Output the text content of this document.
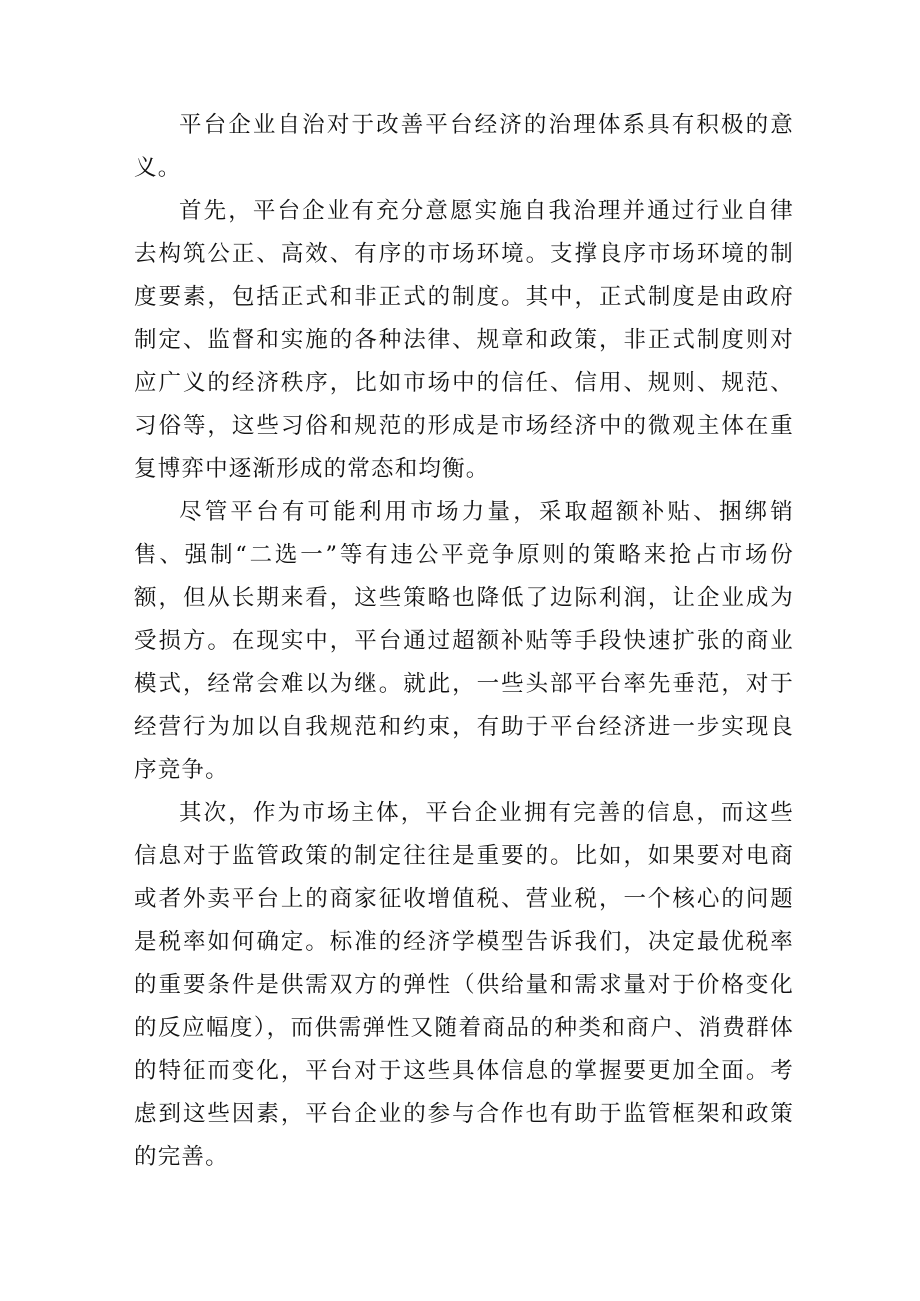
平台企业自治对于改善平台经济的治理体系具有积极的意义。

首先，平台企业有充分意愿实施自我治理并通过行业自律去构筑公正、高效、有序的市场环境。支撑良序市场环境的制度要素，包括正式和非正式的制度。其中，正式制度是由政府制定、监督和实施的各种法律、规章和政策，非正式制度则对应广义的经济秩序，比如市场中的信任、信用、规则、规范、习俗等，这些习俗和规范的形成是市场经济中的微观主体在重复博弈中逐渐形成的常态和均衡。

尽管平台有可能利用市场力量，采取超额补贴、捆绑销售、强制“二选一”等有违公平竞争原则的策略来抢占市场份额，但从长期来看，这些策略也降低了边际利润，让企业成为受损方。在现实中，平台通过超额补贴等手段快速扩张的商业模式，经常会难以为继。就此，一些头部平台率先垂范，对于经营行为加以自我规范和约束，有助于平台经济进一步实现良序竞争。

其次，作为市场主体，平台企业拥有完善的信息，而这些信息对于监管政策的制定往往是重要的。比如，如果要对电商或者外卖平台上的商家征收增值税、营业税，一个核心的问题是税率如何确定。标准的经济学模型告诉我们，决定最优税率的重要条件是供需双方的弹性（供给量和需求量对于价格变化的反应幅度），而供需弹性又随着商品的种类和商户、消费群体的特征而变化，平台对于这些具体信息的掌握要更加全面。考虑到这些因素，平台企业的参与合作也有助于监管框架和政策的完善。
